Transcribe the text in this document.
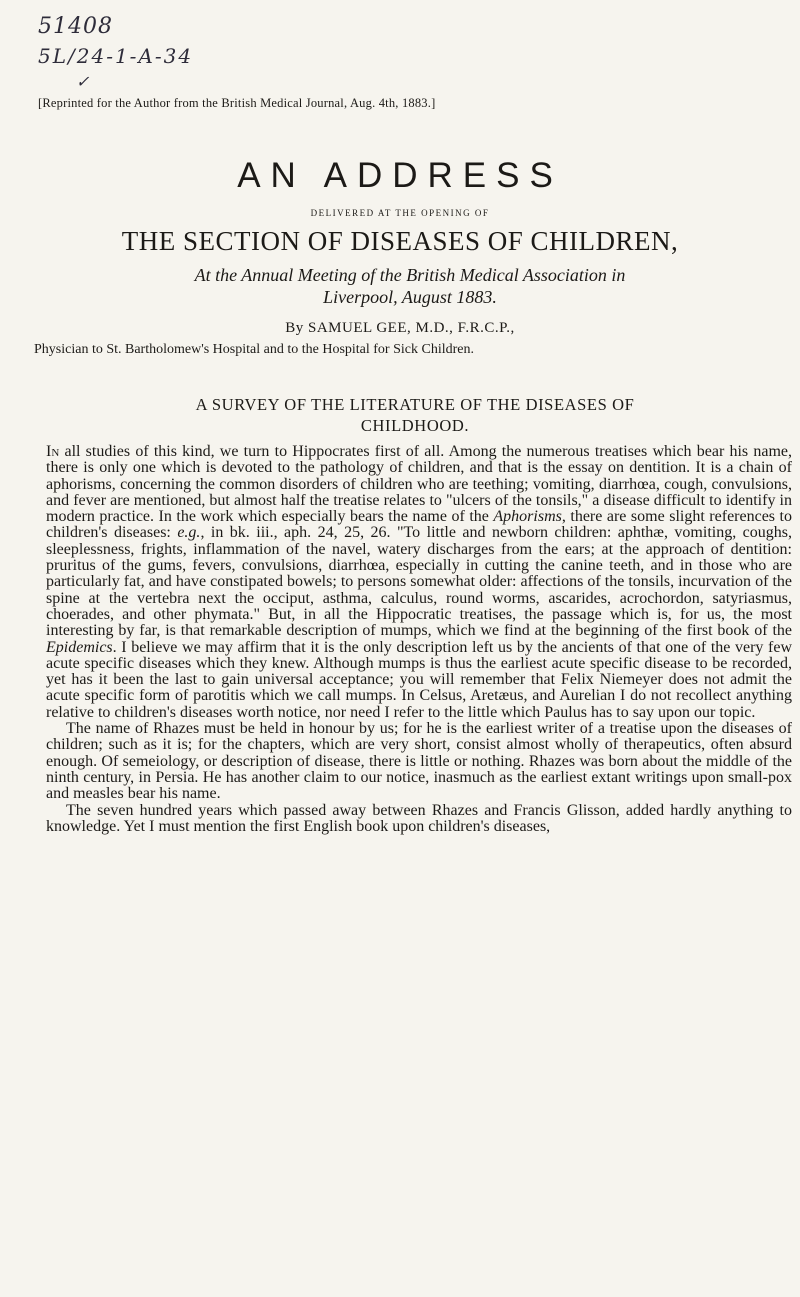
51408
5L/24-1-A-34
✓
[Reprinted for the Author from the British Medical Journal, Aug. 4th, 1883.]
AN ADDRESS
DELIVERED AT THE OPENING OF
THE SECTION OF DISEASES OF CHILDREN,
At the Annual Meeting of the British Medical Association in
Liverpool, August 1883.
By SAMUEL GEE, M.D., F.R.C.P.,
Physician to St. Bartholomew's Hospital and to the Hospital for Sick Children.
A SURVEY OF THE LITERATURE OF THE DISEASES OF
CHILDHOOD.

In all studies of this kind, we turn to Hippocrates first of all. Among the numerous treatises which bear his name, there is only one which is devoted to the pathology of children, and that is the essay on dentition. It is a chain of aphorisms, concerning the common disorders of children who are teething; vomiting, diarrhœa, cough, convulsions, and fever are mentioned, but almost half the treatise relates to "ulcers of the tonsils," a disease difficult to identify in modern practice. In the work which especially bears the name of the Aphorisms, there are some slight references to children's diseases: e.g., in bk. iii., aph. 24, 25, 26. "To little and newborn children: aphthæ, vomiting, coughs, sleeplessness, frights, inflammation of the navel, watery discharges from the ears; at the approach of dentition: pruritus of the gums, fevers, convulsions, diarrhœa, especially in cutting the canine teeth, and in those who are particularly fat, and have constipated bowels; to persons somewhat older: affections of the tonsils, incurvation of the spine at the vertebra next the occiput, asthma, calculus, round worms, ascarides, acrochordon, satyriasmus, choerades, and other phymata." But, in all the Hippocratic treatises, the passage which is, for us, the most interesting by far, is that remarkable description of mumps, which we find at the beginning of the first book of the Epidemics. I believe we may affirm that it is the only description left us by the ancients of that one of the very few acute specific diseases which they knew. Although mumps is thus the earliest acute specific disease to be recorded, yet has it been the last to gain universal acceptance; you will remember that Felix Niemeyer does not admit the acute specific form of parotitis which we call mumps. In Celsus, Aretæus, and Aurelian I do not recollect anything relative to children's diseases worth notice, nor need I refer to the little which Paulus has to say upon our topic.

The name of Rhazes must be held in honour by us; for he is the earliest writer of a treatise upon the diseases of children; such as it is; for the chapters, which are very short, consist almost wholly of therapeutics, often absurd enough. Of semeiology, or description of disease, there is little or nothing. Rhazes was born about the middle of the ninth century, in Persia. He has another claim to our notice, inasmuch as the earliest extant writings upon small-pox and measles bear his name.

The seven hundred years which passed away between Rhazes and Francis Glisson, added hardly anything to knowledge. Yet I must mention the first English book upon children's diseases,
